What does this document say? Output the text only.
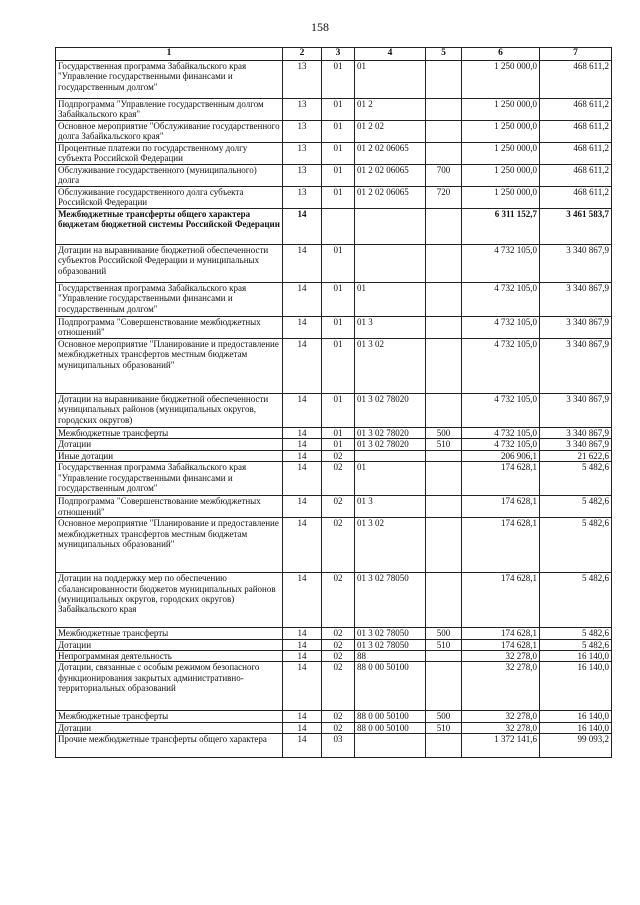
158
1	2	3	4	5	6	7
Государственная программа Забайкальского края "Управление государственными финансами и государственным долгом"	13	01	01		1 250 000,0	468 611,2
Подпрограмма "Управление государственным долгом Забайкальского края"	13	01	01 2		1 250 000,0	468 611,2
Основное мероприятие "Обслуживание государственного долга Забайкальского края"	13	01	01 2 02		1 250 000,0	468 611,2
Процентные платежи по государственному долгу субъекта Российской Федерации	13	01	01 2 02 06065		1 250 000,0	468 611,2
Обслуживание государственного (муниципального) долга	13	01	01 2 02 06065	700	1 250 000,0	468 611,2
Обслуживание государственного долга субъекта Российской Федерации	13	01	01 2 02 06065	720	1 250 000,0	468 611,2
Межбюджетные трансферты общего характера бюджетам бюджетной системы Российской Федерации	14				6 311 152,7	3 461 583,7
Дотации на выравнивание бюджетной обеспеченности субъектов Российской Федерации и муниципальных образований	14	01			4 732 105,0	3 340 867,9
Государственная программа Забайкальского края "Управление государственными финансами и государственным долгом"	14	01	01		4 732 105,0	3 340 867,9
Подпрограмма "Совершенствование межбюджетных отношений"	14	01	01 3		4 732 105,0	3 340 867,9
Основное мероприятие "Планирование и предоставление межбюджетных трансфертов местным бюджетам муниципальных образований"	14	01	01 3 02		4 732 105,0	3 340 867,9
Дотации на выравнивание бюджетной обеспеченности муниципальных районов (муниципальных округов, городских округов)	14	01	01 3 02 78020		4 732 105,0	3 340 867,9
Межбюджетные трансферты	14	01	01 3 02 78020	500	4 732 105,0	3 340 867,9
Дотации	14	01	01 3 02 78020	510	4 732 105,0	3 340 867,9
Иные дотации	14	02			206 906,1	21 622,6
Государственная программа Забайкальского края "Управление государственными финансами и государственным долгом"	14	02	01		174 628,1	5 482,6
Подпрограмма "Совершенствование межбюджетных отношений"	14	02	01 3		174 628,1	5 482,6
Основное мероприятие "Планирование и предоставление межбюджетных трансфертов местным бюджетам муниципальных образований"	14	02	01 3 02		174 628,1	5 482,6
Дотации на поддержку мер по обеспечению сбалансированности бюджетов муниципальных районов (муниципальных округов, городских округов) Забайкальского края	14	02	01 3 02 78050		174 628,1	5 482,6
Межбюджетные трансферты	14	02	01 3 02 78050	500	174 628,1	5 482,6
Дотации	14	02	01 3 02 78050	510	174 628,1	5 482,6
Непрограммная деятельность	14	02	88		32 278,0	16 140,0
Дотации, связанные с особым режимом безопасного функционирования закрытых административно-территориальных образований	14	02	88 0 00 50100		32 278,0	16 140,0
Межбюджетные трансферты	14	02	88 0 00 50100	500	32 278,0	16 140,0
Дотации	14	02	88 0 00 50100	510	32 278,0	16 140,0
Прочие межбюджетные трансферты общего характера	14	03			1 372 141,6	99 093,2
